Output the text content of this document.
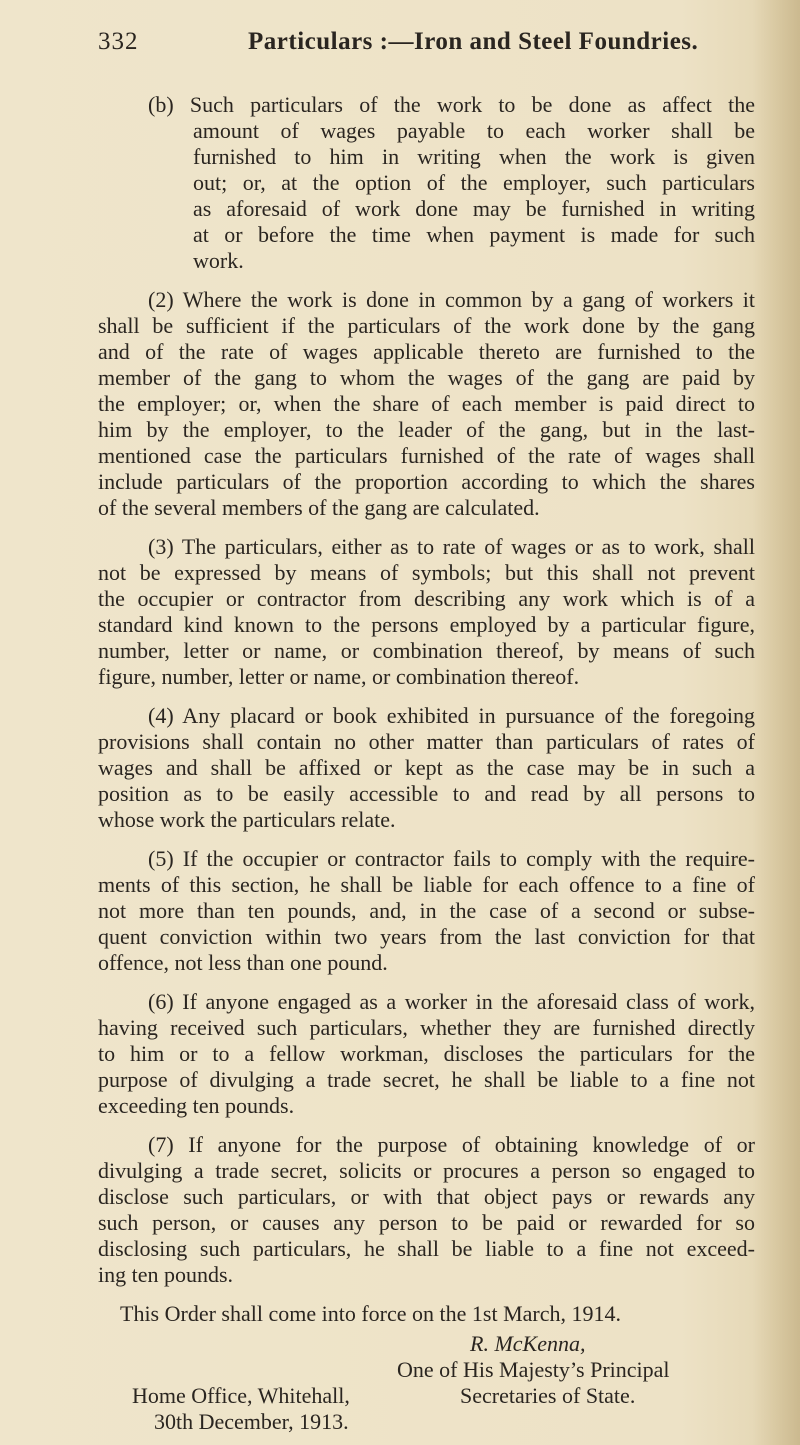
332	Particulars :—Iron and Steel Foundries.
(b) Such particulars of the work to be done as affect the
amount of wages payable to each worker shall be
furnished to him in writing when the work is given
out; or, at the option of the employer, such particulars
as aforesaid of work done may be furnished in writing
at or before the time when payment is made for such
work.
(2) Where the work is done in common by a gang of workers it
shall be sufficient if the particulars of the work done by the gang
and of the rate of wages applicable thereto are furnished to the
member of the gang to whom the wages of the gang are paid by
the employer; or, when the share of each member is paid direct to
him by the employer, to the leader of the gang, but in the last-
mentioned case the particulars furnished of the rate of wages shall
include particulars of the proportion according to which the shares
of the several members of the gang are calculated.
(3) The particulars, either as to rate of wages or as to work, shall
not be expressed by means of symbols; but this shall not prevent
the occupier or contractor from describing any work which is of a
standard kind known to the persons employed by a particular figure,
number, letter or name, or combination thereof, by means of such
figure, number, letter or name, or combination thereof.
(4) Any placard or book exhibited in pursuance of the foregoing
provisions shall contain no other matter than particulars of rates of
wages and shall be affixed or kept as the case may be in such a
position as to be easily accessible to and read by all persons to
whose work the particulars relate.
(5) If the occupier or contractor fails to comply with the require-
ments of this section, he shall be liable for each offence to a fine of
not more than ten pounds, and, in the case of a second or subse-
quent conviction within two years from the last conviction for that
offence, not less than one pound.
(6) If anyone engaged as a worker in the aforesaid class of work,
having received such particulars, whether they are furnished directly
to him or to a fellow workman, discloses the particulars for the
purpose of divulging a trade secret, he shall be liable to a fine not
exceeding ten pounds.
(7) If anyone for the purpose of obtaining knowledge of or
divulging a trade secret, solicits or procures a person so engaged to
disclose such particulars, or with that object pays or rewards any
such person, or causes any person to be paid or rewarded for so
disclosing such particulars, he shall be liable to a fine not exceed-
ing ten pounds.
This Order shall come into force on the 1st March, 1914.
R. McKenna,
One of His Majesty’s Principal
Home Office, Whitehall,	Secretaries of State.
30th December, 1913.
